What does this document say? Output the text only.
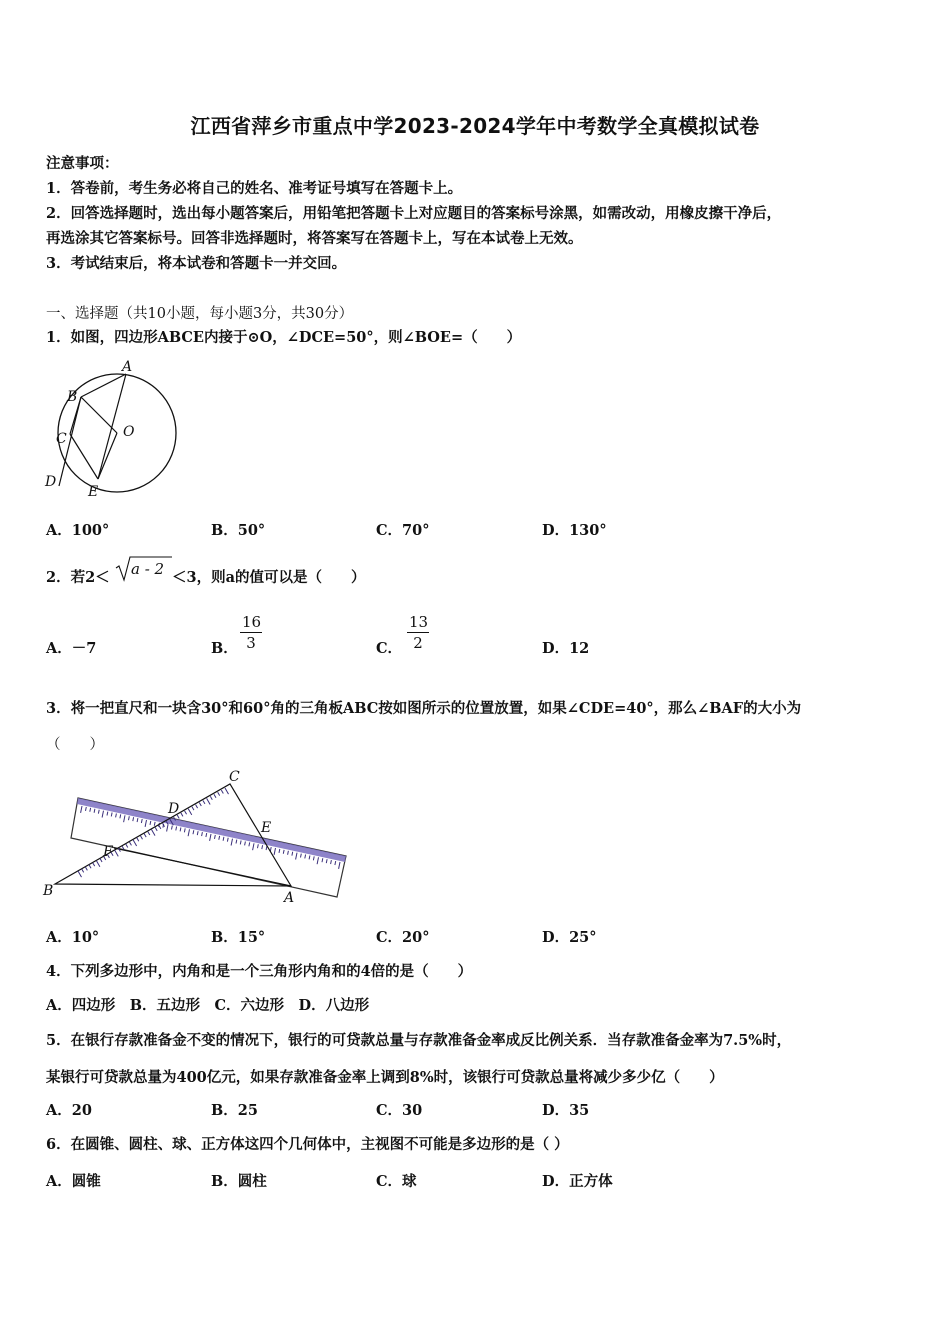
江西省萍乡市重点中学2023-2024学年中考数学全真模拟试卷
注意事项：
1．答卷前，考生务必将自己的姓名、准考证号填写在答题卡上。
2．回答选择题时，选出每小题答案后，用铅笔把答题卡上对应题目的答案标号涂黑，如需改动，用橡皮擦干净后，
再选涂其它答案标号。回答非选择题时，将答案写在答题卡上，写在本试卷上无效。
3．考试结束后，将本试卷和答题卡一并交回。
一、选择题（共10小题，每小题3分，共30分）
1．如图，四边形ABCE内接于⊙O，∠DCE=50°，则∠BOE=（　　）
A
B
C	O
D
E
A．100°	B．50°	C．70°	D．130°
2．若2＜ a - 2 ＜3，则a的值可以是（　　）
A．－7	B． $\frac{16}{3}$	C． $\frac{13}{2}$	D．12
3．将一把直尺和一块含30°和60°角的三角板ABC按如图所示的位置放置，如果∠CDE=40°，那么∠BAF的大小为
（　　）
C
D
E
F
B	A
A．10°	B．15°	C．20°	D．25°
4．下列多边形中，内角和是一个三角形内角和的4倍的是（　　）
A．四边形　B．五边形　C．六边形　D．八边形
5．在银行存款准备金不变的情况下，银行的可贷款总量与存款准备金率成反比例关系．当存款准备金率为7.5%时，
某银行可贷款总量为400亿元，如果存款准备金率上调到8%时，该银行可贷款总量将减少多少亿（　　）
A．20	B．25	C．30	D．35
6．在圆锥、圆柱、球、正方体这四个几何体中，主视图不可能是多边形的是（ ）
A．圆锥	B．圆柱	C．球	D．正方体
